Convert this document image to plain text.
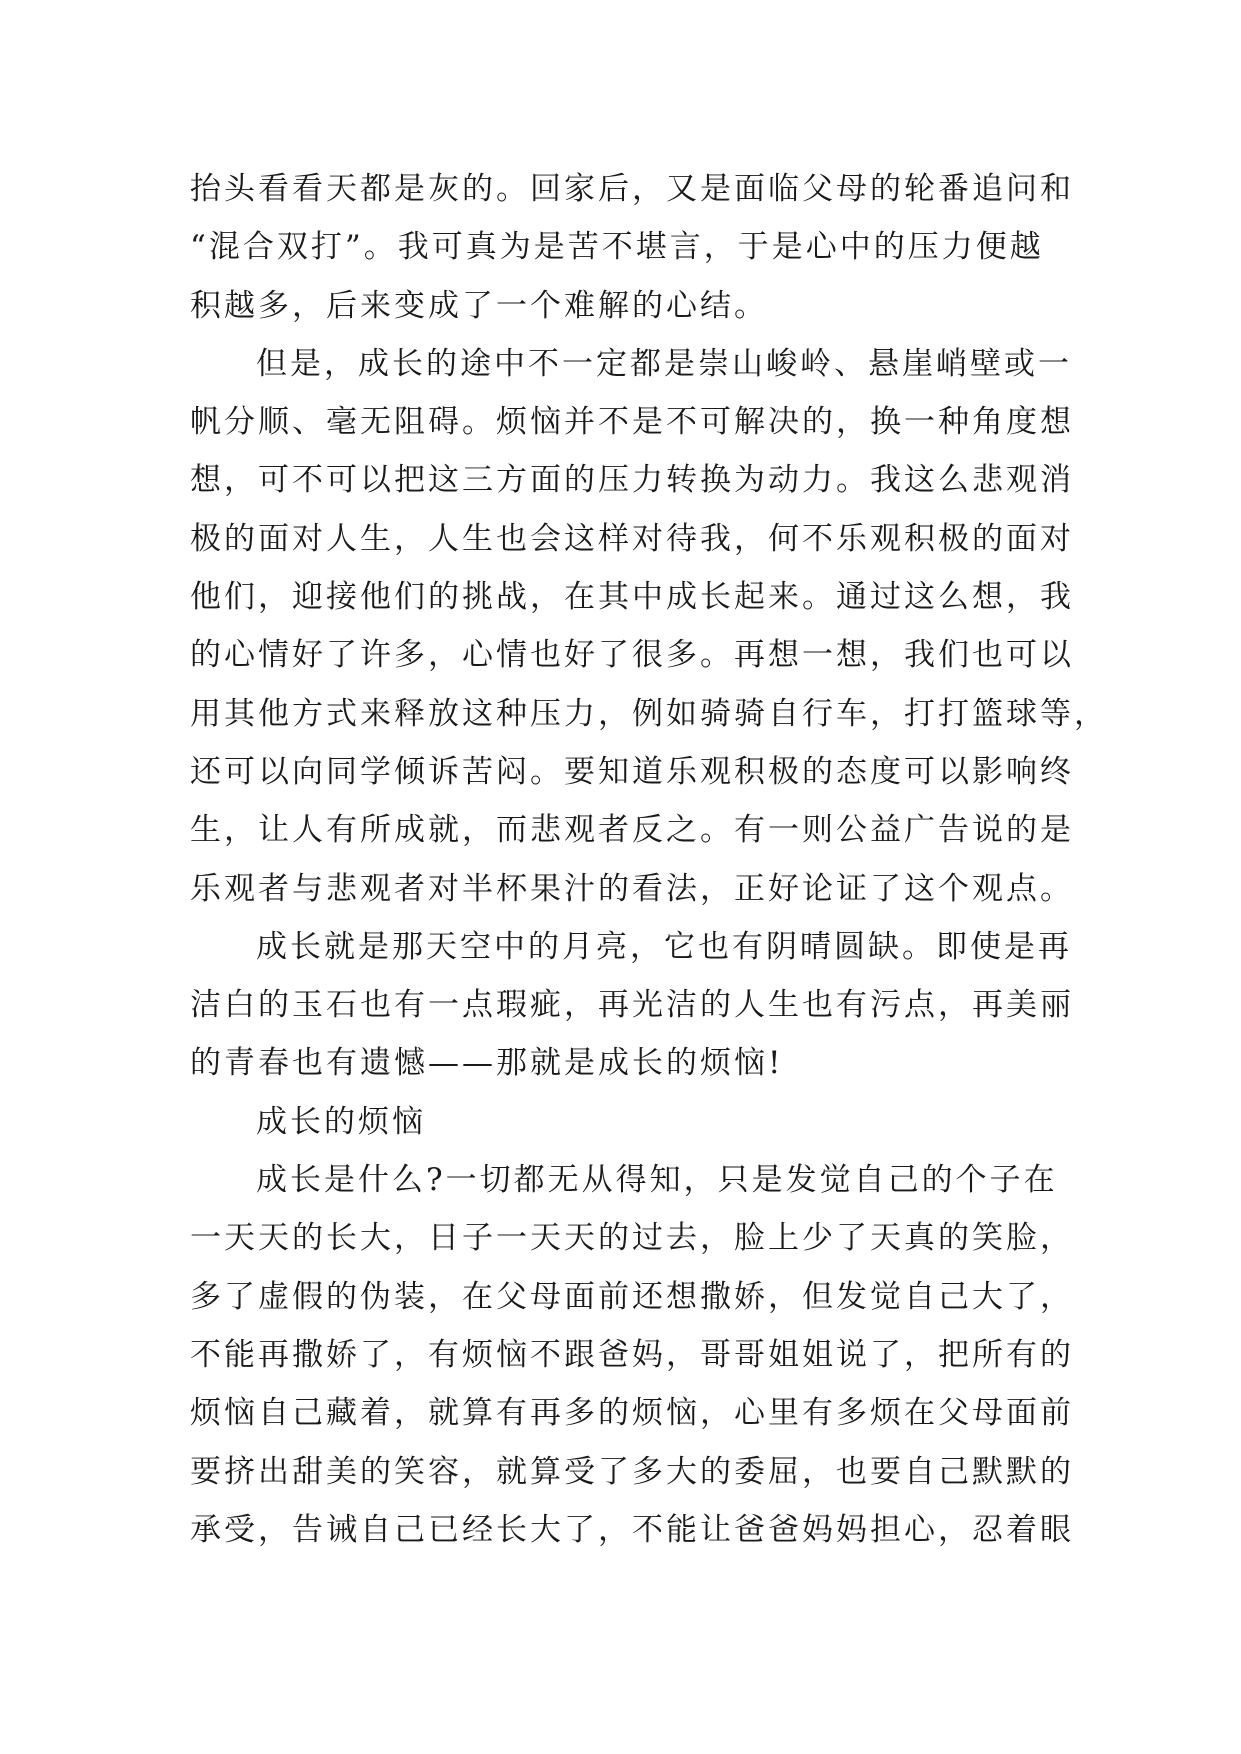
抬头看看天都是灰的。回家后，又是面临父母的轮番追问和
“混合双打”。我可真为是苦不堪言，于是心中的压力便越
积越多，后来变成了一个难解的心结。
但是，成长的途中不一定都是崇山峻岭、悬崖峭壁或一
帆分顺、毫无阻碍。烦恼并不是不可解决的，换一种角度想
想，可不可以把这三方面的压力转换为动力。我这么悲观消
极的面对人生，人生也会这样对待我，何不乐观积极的面对
他们，迎接他们的挑战，在其中成长起来。通过这么想，我
的心情好了许多，心情也好了很多。再想一想，我们也可以
用其他方式来释放这种压力，例如骑骑自行车，打打篮球等，
还可以向同学倾诉苦闷。要知道乐观积极的态度可以影响终
生，让人有所成就，而悲观者反之。有一则公益广告说的是
乐观者与悲观者对半杯果汁的看法，正好论证了这个观点。
成长就是那天空中的月亮，它也有阴晴圆缺。即使是再
洁白的玉石也有一点瑕疵，再光洁的人生也有污点，再美丽
的青春也有遗憾——那就是成长的烦恼!
成长的烦恼
成长是什么?一切都无从得知，只是发觉自己的个子在
一天天的长大，日子一天天的过去，脸上少了天真的笑脸，
多了虚假的伪装，在父母面前还想撒娇，但发觉自己大了，
不能再撒娇了，有烦恼不跟爸妈，哥哥姐姐说了，把所有的
烦恼自己藏着，就算有再多的烦恼，心里有多烦在父母面前
要挤出甜美的笑容，就算受了多大的委屈，也要自己默默的
承受，告诫自己已经长大了，不能让爸爸妈妈担心，忍着眼
